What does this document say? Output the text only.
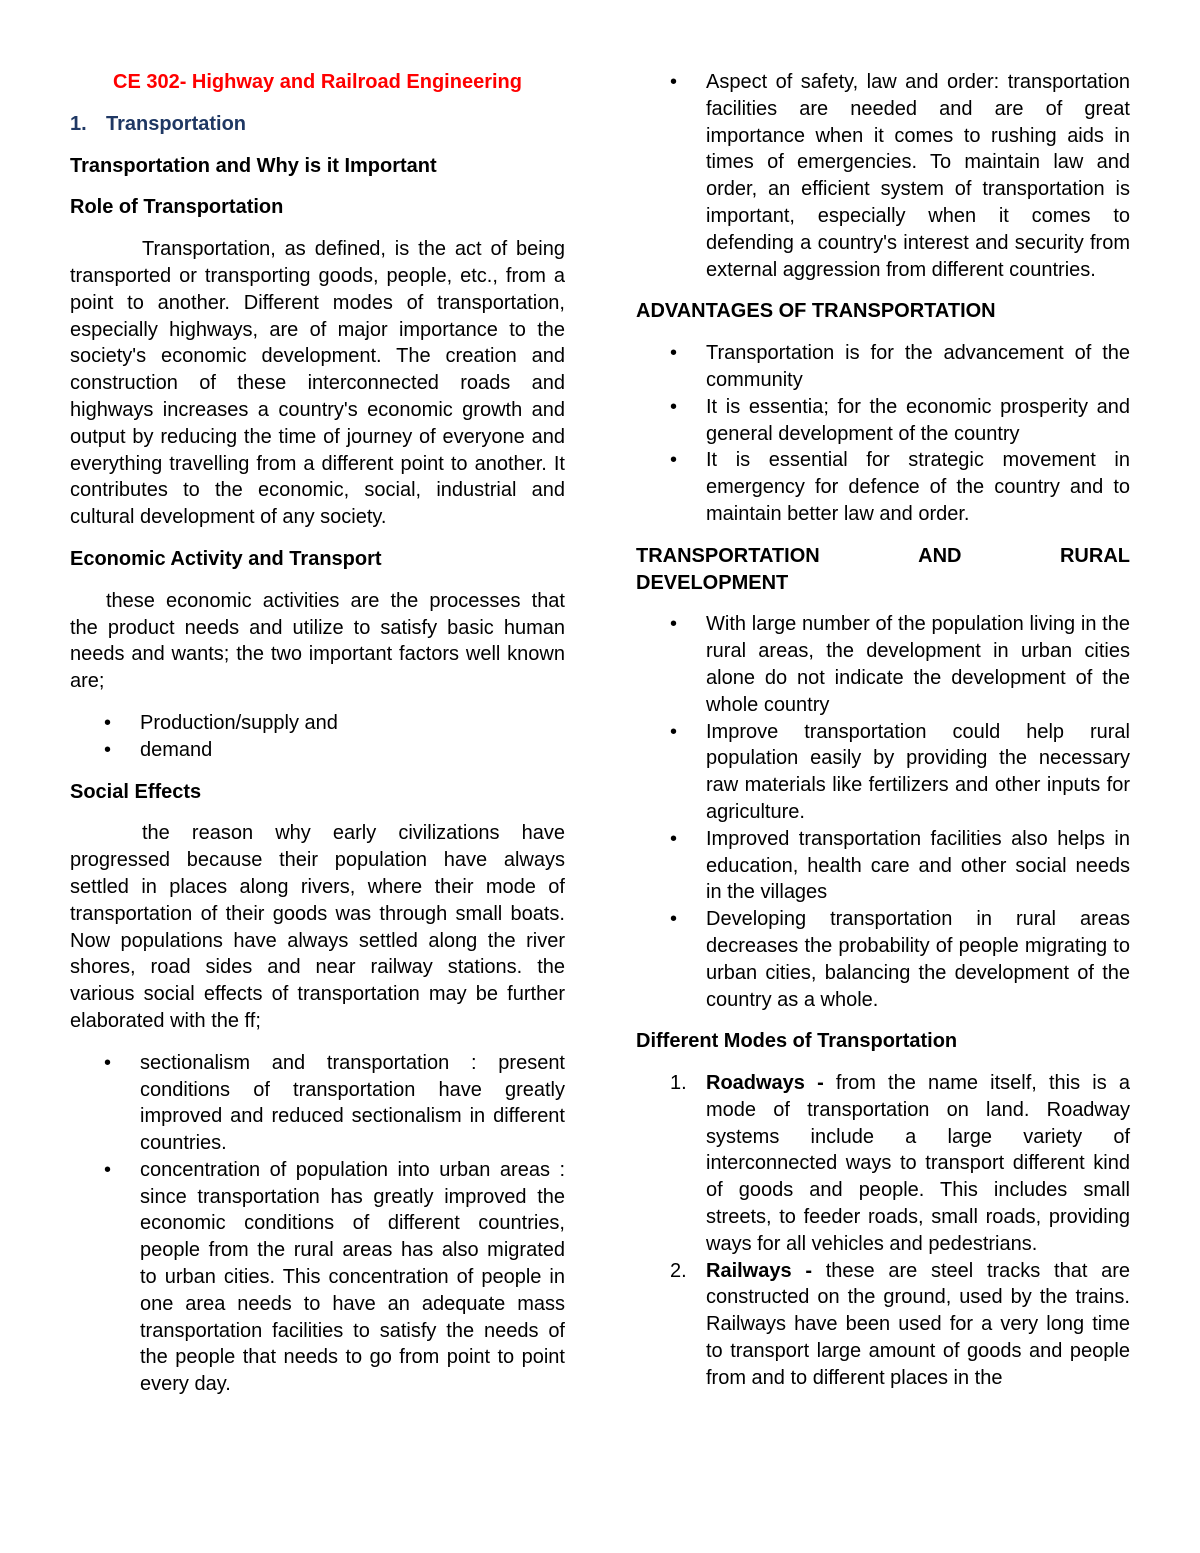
CE 302- Highway and Railroad Engineering
1. Transportation
Transportation and Why is it Important
Role of Transportation

Transportation, as defined, is the act of being transported or transporting goods, people, etc., from a point to another. Different modes of transportation, especially highways, are of major importance to the society's economic development. The creation and construction of these interconnected roads and highways increases a country's economic growth and output by reducing the time of journey of everyone and everything travelling from a different point to another. It contributes to the economic, social, industrial and cultural development of any society.

Economic Activity and Transport

these economic activities are the processes that the product needs and utilize to satisfy basic human needs and wants; the two important factors well known are;

• Production/supply and
• demand
Social Effects

the reason why early civilizations have progressed because their population have always settled in places along rivers, where their mode of transportation of their goods was through small boats. Now populations have always settled along the river shores, road sides and near railway stations. the various social effects of transportation may be further elaborated with the ff;

• sectionalism and transportation : present conditions of transportation have greatly improved and reduced sectionalism in different countries.
• concentration of population into urban areas : since transportation has greatly improved the economic conditions of different countries, people from the rural areas has also migrated to urban cities. This concentration of people in one area needs to have an adequate mass transportation facilities to satisfy the needs of the people that needs to go from point to point every day.
• Aspect of safety, law and order: transportation facilities are needed and are of great importance when it comes to rushing aids in times of emergencies. To maintain law and order, an efficient system of transportation is important, especially when it comes to defending a country's interest and security from external aggression from different countries.
ADVANTAGES OF TRANSPORTATION
• Transportation is for the advancement of the community
• It is essentia; for the economic prosperity and general development of the country
• It is essential for strategic movement in emergency for defence of the country and to maintain better law and order.
TRANSPORTATION	AND	RURAL
DEVELOPMENT
• With large number of the population living in the rural areas, the development in urban cities alone do not indicate the development of the whole country
• Improve transportation could help rural population easily by providing the necessary raw materials like fertilizers and other inputs for agriculture.
• Improved transportation facilities also helps in education, health care and other social needs in the villages
• Developing transportation in rural areas decreases the probability of people migrating to urban cities, balancing the development of the country as a whole.
Different Modes of Transportation
1. Roadways - from the name itself, this is a mode of transportation on land. Roadway systems include a large variety of interconnected ways to transport different kind of goods and people. This includes small streets, to feeder roads, small roads, providing ways for all vehicles and pedestrians.
2. Railways - these are steel tracks that are constructed on the ground, used by the trains. Railways have been used for a very long time to transport large amount of goods and people from and to different places in the
